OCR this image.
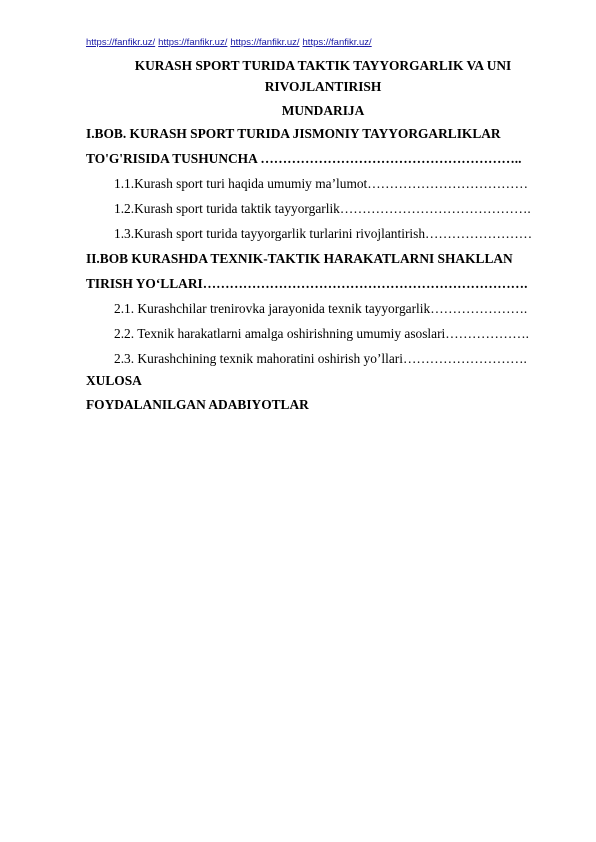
https://fanfikr.uz/ https://fanfikr.uz/ https://fanfikr.uz/ https://fanfikr.uz/
KURASH SPORT TURIDA TAKTIK TAYYORGARLIK VA UNI
RIVOJLANTIRISH
MUNDARIJA
I.BOB. KURASH SPORT TURIDA JISMONIY TAYYORGARLIKLAR
TO'G'RISIDA TUSHUNCHA …………………………………………………..
1.1.Kurash sport turi haqida umumiy ma’lumot………………………………
1.2.Kurash sport turida taktik tayyorgarlik…………………………………….
1.3.Kurash sport turida tayyorgarlik turlarini rivojlantirish……………………
II.BOB KURASHDA TEXNIK-TAKTIK HARAKATLARNI SHAKLLAN
TIRISH YO‘LLARI……………………………………………………………….
2.1. Kurashchilar trenirovka jarayonida texnik tayyorgarlik………………….
2.2. Texnik harakatlarni amalga oshirishning umumiy asoslari……………….
2.3. Kurashchining texnik mahoratini oshirish yo’llari……………………….
XULOSA
FOYDALANILGAN ADABIYOTLAR
